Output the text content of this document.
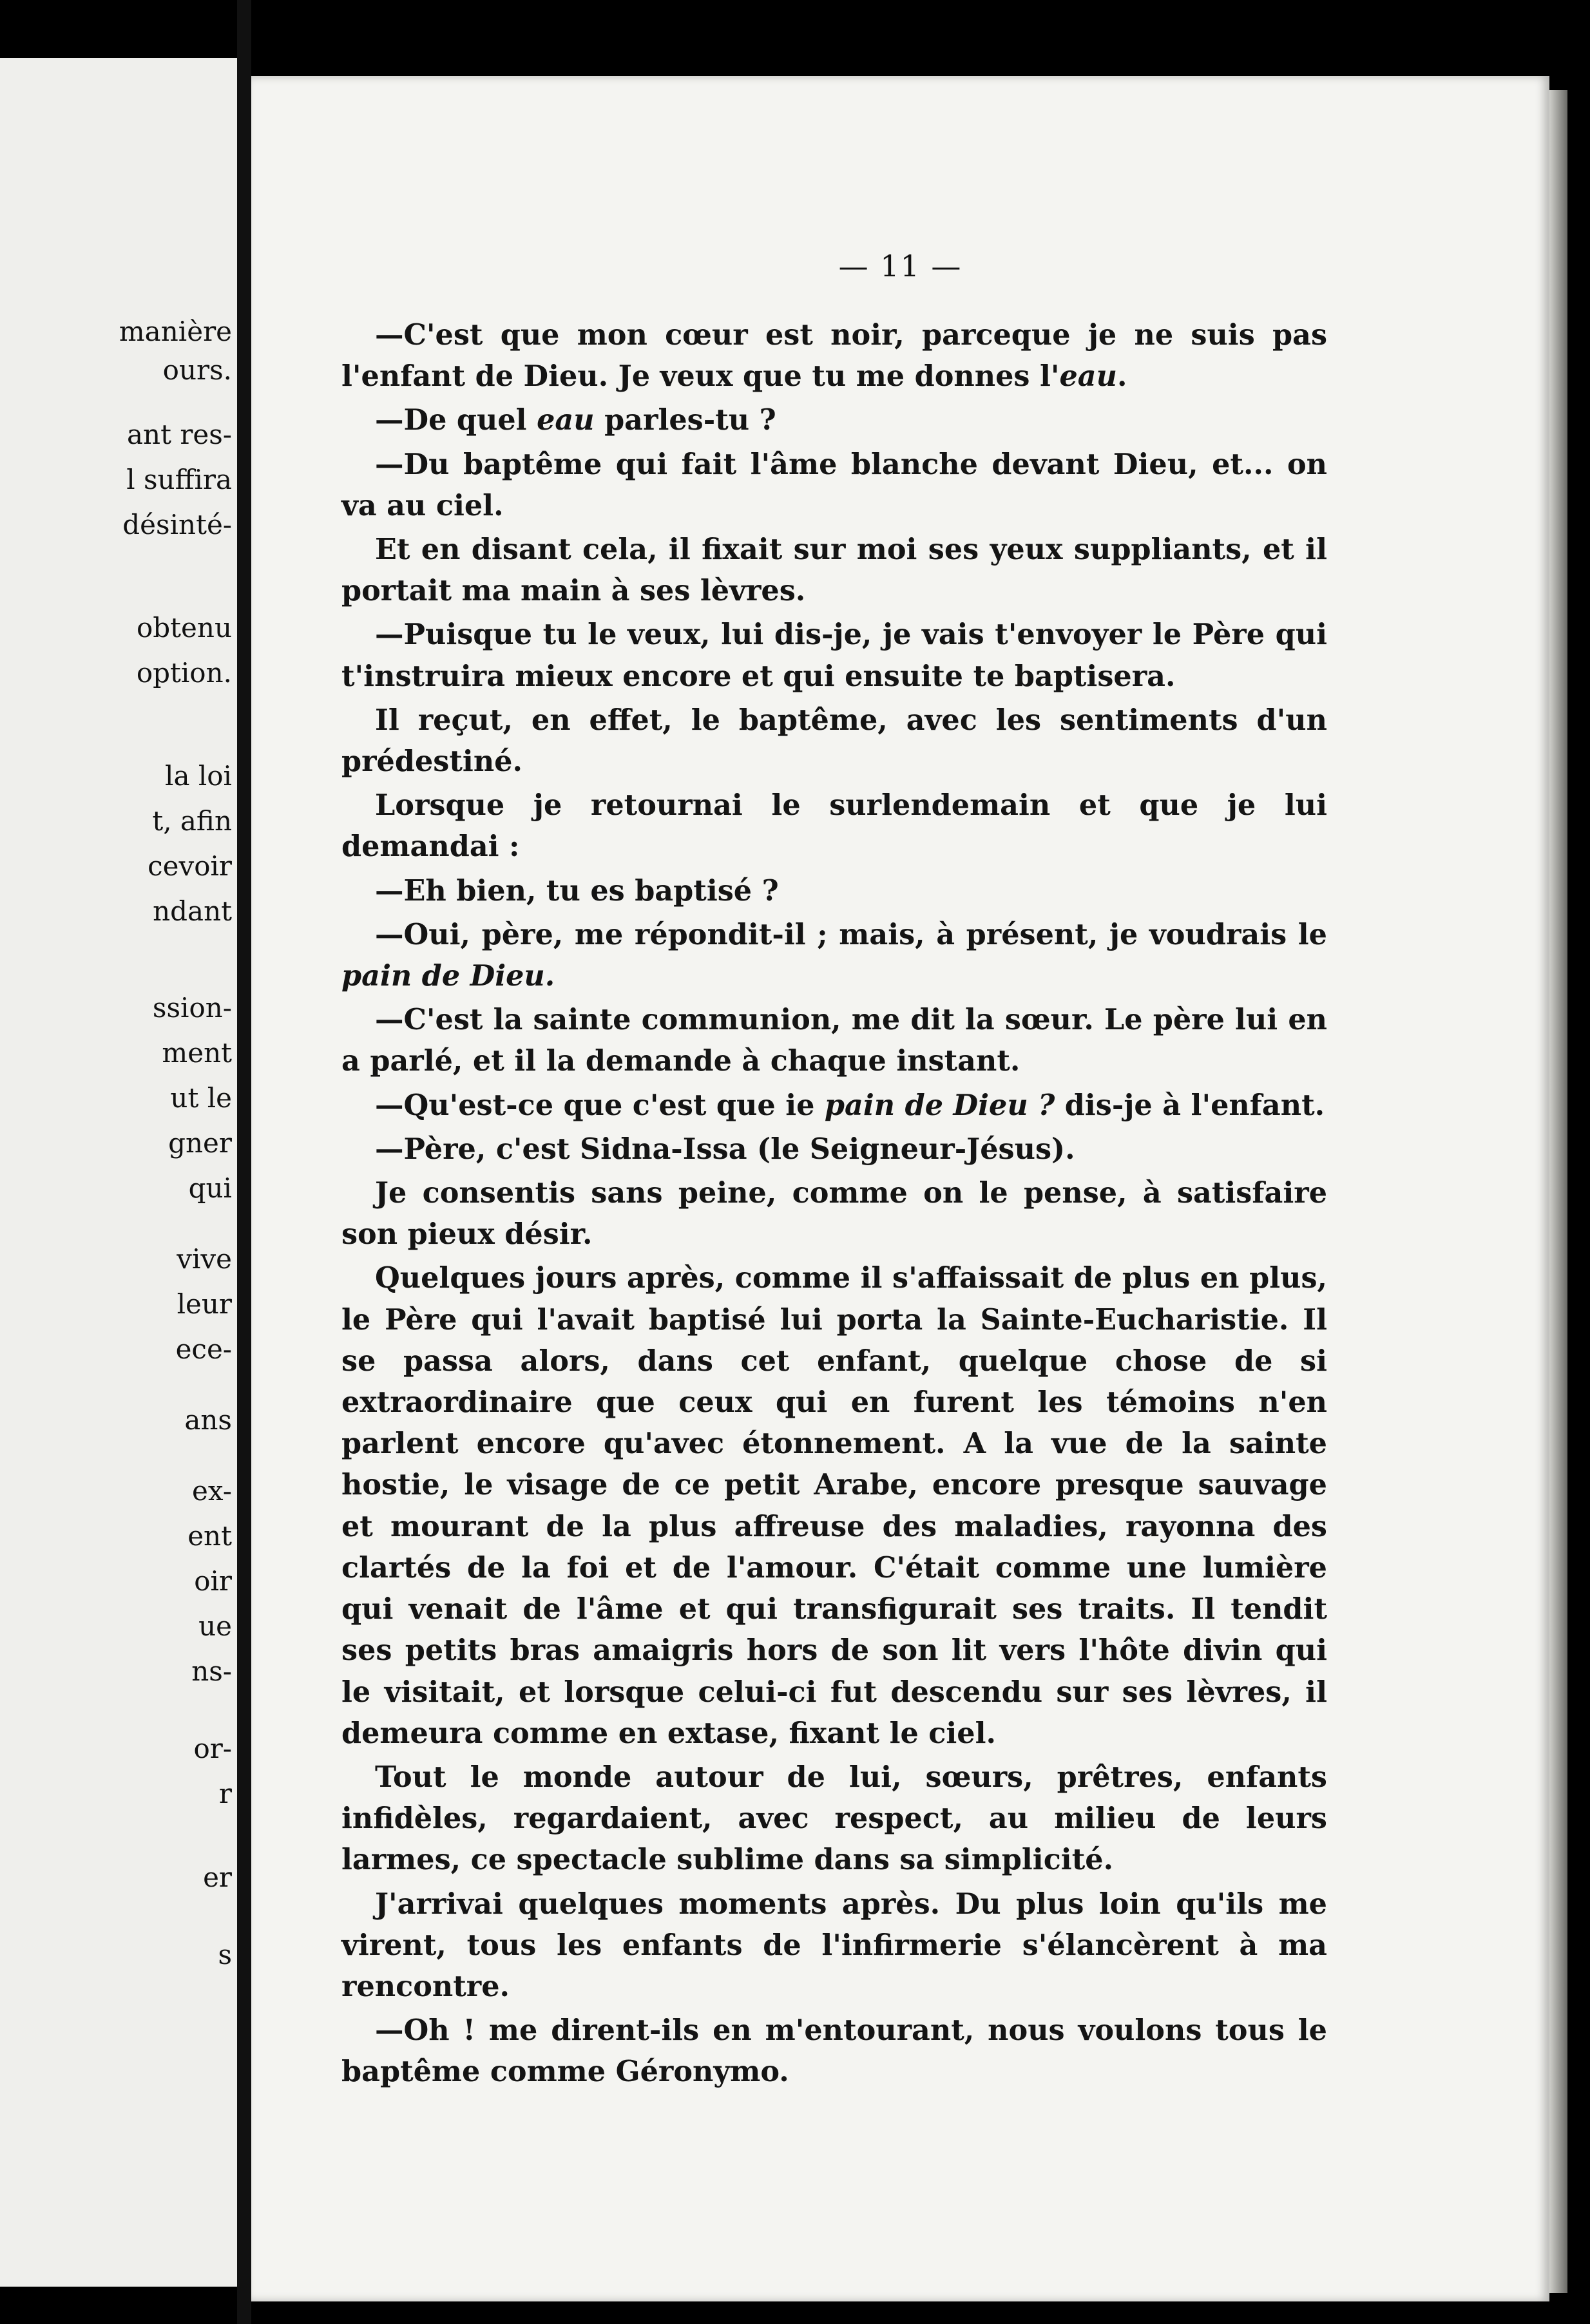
manière
ours.
ant res-
l suffira
désinté-
obtenu
option.
la loi
t, afin
cevoir
ndant
ssion-
ment
ut le
gner
qui
vive
leur
ece-
ans
ex-
ent
oir
ue
ns-
or-
r
er
s
— 11 —

—C'est que mon cœur est noir, parceque je ne suis pas l'enfant de Dieu. Je veux que tu me donnes l'eau.

—De quel eau parles-tu ?

—Du baptême qui fait l'âme blanche devant Dieu, et... on va au ciel.

Et en disant cela, il fixait sur moi ses yeux suppliants, et il portait ma main à ses lèvres.

—Puisque tu le veux, lui dis-je, je vais t'envoyer le Père qui t'instruira mieux encore et qui ensuite te baptisera.

Il reçut, en effet, le baptême, avec les sentiments d'un prédestiné.

Lorsque je retournai le surlendemain et que je lui demandai :

—Eh bien, tu es baptisé ?

—Oui, père, me répondit-il ; mais, à présent, je voudrais le pain de Dieu.

—C'est la sainte communion, me dit la sœur. Le père lui en a parlé, et il la demande à chaque instant.

—Qu'est-ce que c'est que ie pain de Dieu ? dis-je à l'enfant.

—Père, c'est Sidna-Issa (le Seigneur-Jésus).

Je consentis sans peine, comme on le pense, à satisfaire son pieux désir.

Quelques jours après, comme il s'affaissait de plus en plus, le Père qui l'avait baptisé lui porta la Sainte-Eucharistie. Il se passa alors, dans cet enfant, quelque chose de si extraordinaire que ceux qui en furent les témoins n'en parlent encore qu'avec étonnement. A la vue de la sainte hostie, le visage de ce petit Arabe, encore presque sauvage et mourant de la plus affreuse des maladies, rayonna des clartés de la foi et de l'amour. C'était comme une lumière qui venait de l'âme et qui transfigurait ses traits. Il tendit ses petits bras amaigris hors de son lit vers l'hôte divin qui le visitait, et lorsque celui-ci fut descendu sur ses lèvres, il demeura comme en extase, fixant le ciel.

Tout le monde autour de lui, sœurs, prêtres, enfants infidèles, regardaient, avec respect, au milieu de leurs larmes, ce spectacle sublime dans sa simplicité.

J'arrivai quelques moments après. Du plus loin qu'ils me virent, tous les enfants de l'infirmerie s'élancèrent à ma rencontre.

—Oh ! me dirent-ils en m'entourant, nous voulons tous le baptême comme Géronymo.
